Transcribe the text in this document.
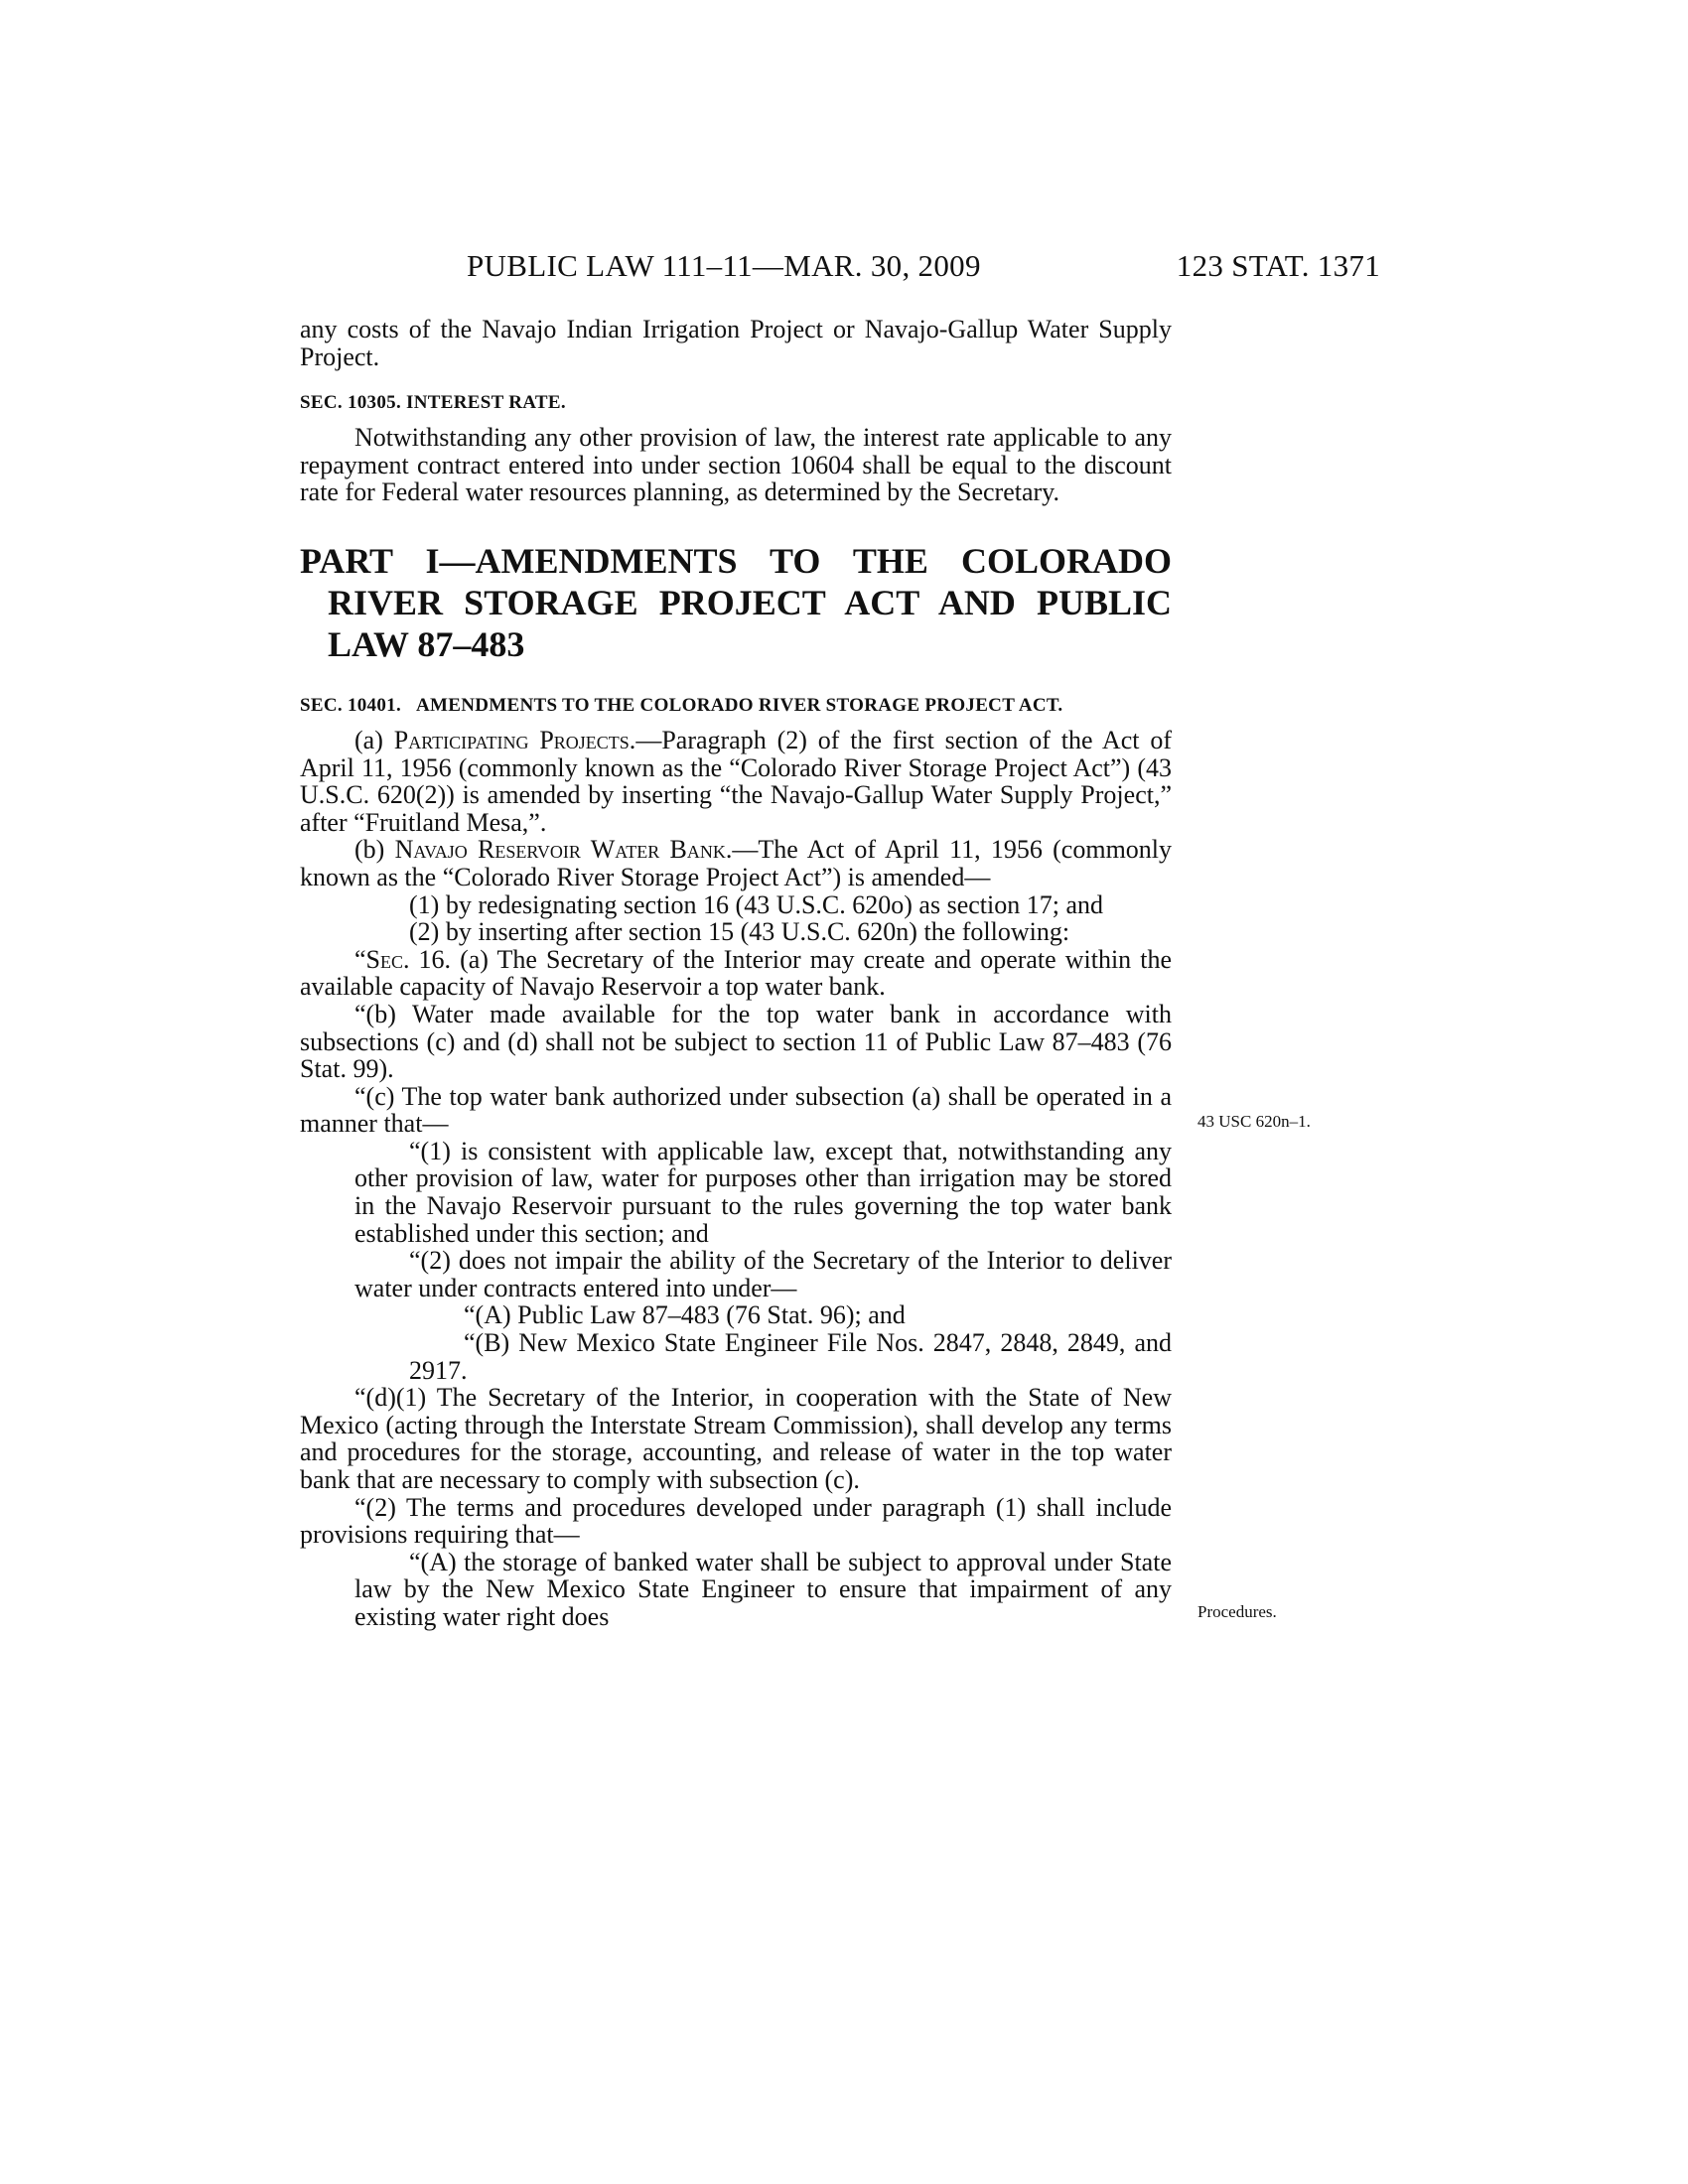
PUBLIC LAW 111–11—MAR. 30, 2009	123 STAT. 1371

any costs of the Navajo Indian Irrigation Project or Navajo-Gallup Water Supply Project.

SEC. 10305. INTEREST RATE.

Notwithstanding any other provision of law, the interest rate applicable to any repayment contract entered into under section 10604 shall be equal to the discount rate for Federal water resources planning, as determined by the Secretary.

PART I—AMENDMENTS TO THE COLORADO RIVER STORAGE PROJECT ACT AND PUBLIC LAW 87–483
SEC. 10401. AMENDMENTS TO THE COLORADO RIVER STORAGE PROJECT ACT.

(a) Participating Projects.—Paragraph (2) of the first section of the Act of April 11, 1956 (commonly known as the “Colorado River Storage Project Act”) (43 U.S.C. 620(2)) is amended by inserting “the Navajo-Gallup Water Supply Project,” after “Fruitland Mesa,”.

(b) Navajo Reservoir Water Bank.—The Act of April 11, 1956 (commonly known as the “Colorado River Storage Project Act”) is amended—

(1) by redesignating section 16 (43 U.S.C. 620o) as section 17; and

(2) by inserting after section 15 (43 U.S.C. 620n) the following:

“Sec. 16. (a) The Secretary of the Interior may create and operate within the available capacity of Navajo Reservoir a top water bank.

“(b) Water made available for the top water bank in accordance with subsections (c) and (d) shall not be subject to section 11 of Public Law 87–483 (76 Stat. 99).

“(c) The top water bank authorized under subsection (a) shall be operated in a manner that—

“(1) is consistent with applicable law, except that, notwithstanding any other provision of law, water for purposes other than irrigation may be stored in the Navajo Reservoir pursuant to the rules governing the top water bank established under this section; and

“(2) does not impair the ability of the Secretary of the Interior to deliver water under contracts entered into under—

“(A) Public Law 87–483 (76 Stat. 96); and

“(B) New Mexico State Engineer File Nos. 2847, 2848, 2849, and 2917.

“(d)(1) The Secretary of the Interior, in cooperation with the State of New Mexico (acting through the Interstate Stream Commission), shall develop any terms and procedures for the storage, accounting, and release of water in the top water bank that are necessary to comply with subsection (c).

“(2) The terms and procedures developed under paragraph (1) shall include provisions requiring that—

“(A) the storage of banked water shall be subject to approval under State law by the New Mexico State Engineer to ensure that impairment of any existing water right does

43 USC 620n–1.
Procedures.
